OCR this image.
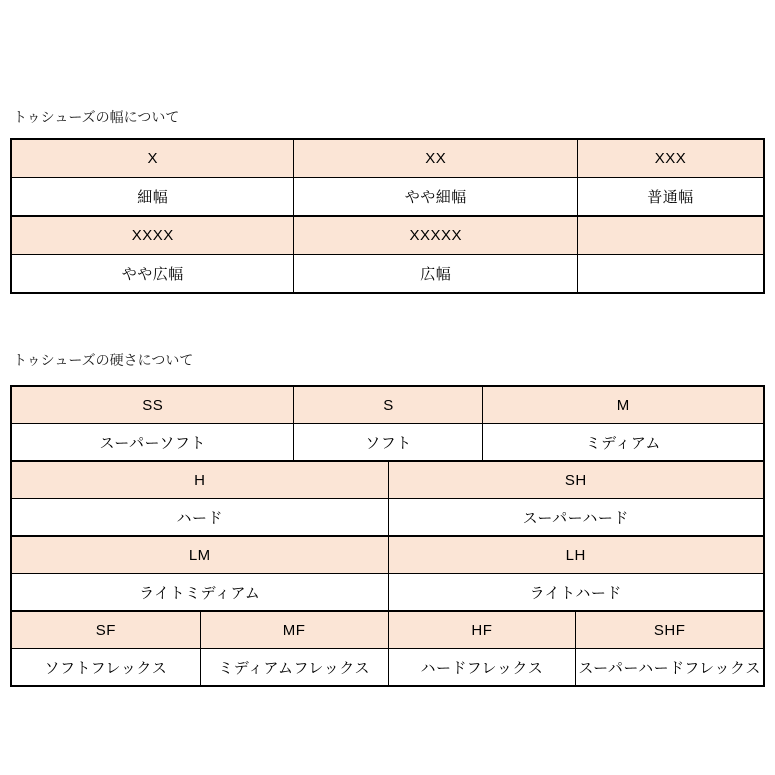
トゥシューズの幅について
X	XX	XXX
細幅	やや細幅	普通幅
XXXX	XXXXX
やや広幅	広幅
トゥシューズの硬さについて
SS	S	M
スーパーソフト	ソフト	ミディアム
H	SH
ハード	スーパーハード
LM	LH
ライトミディアム	ライトハード
SF	MF	HF	SHF
ソフトフレックス	ミディアムフレックス	ハードフレックス	スーパーハードフレックス
